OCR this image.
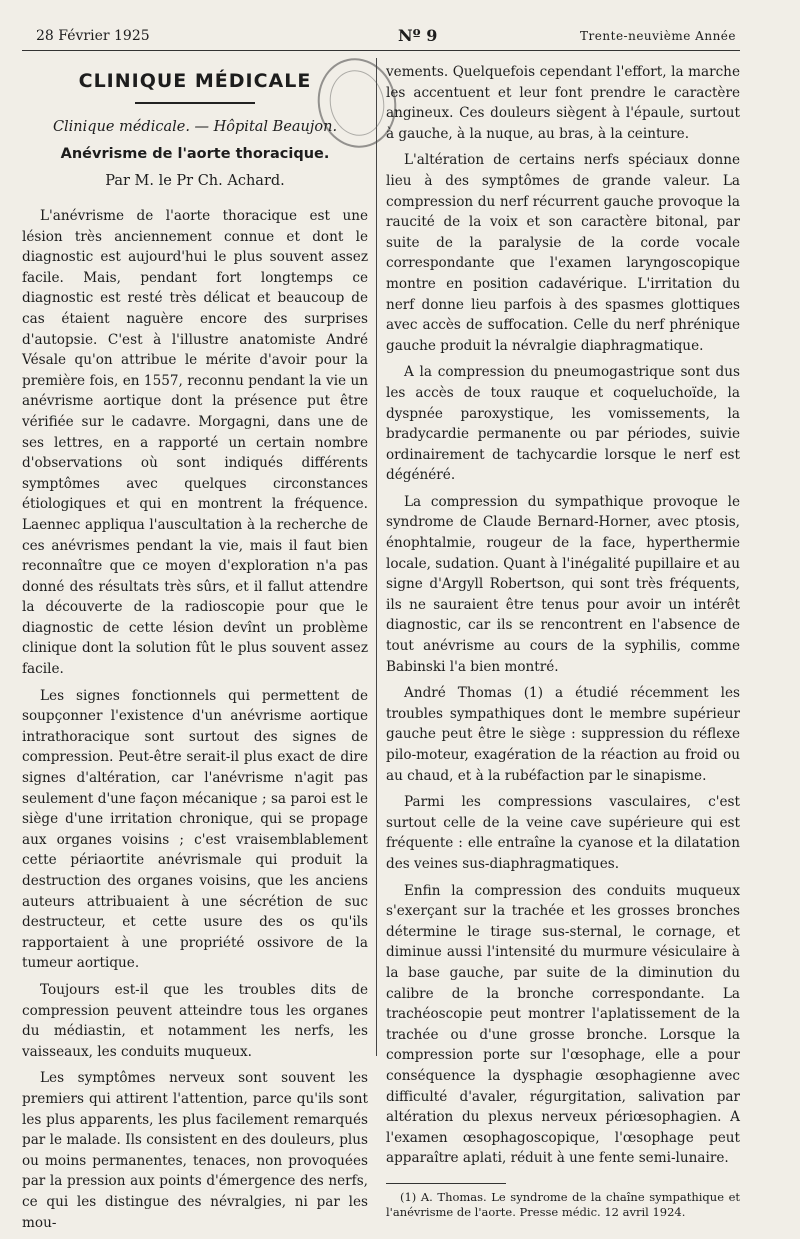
28 Février 1925	Nº 9	Trente-neuvième Année
CLINIQUE MÉDICALE

Clinique médicale. — Hôpital Beaujon.

Anévrisme de l'aorte thoracique.

Par M. le Pr Ch. Achard.

L'anévrisme de l'aorte thoracique est une lésion très anciennement connue et dont le diagnostic est aujourd'hui le plus souvent assez facile. Mais, pendant fort longtemps ce diagnostic est resté très délicat et beaucoup de cas étaient naguère encore des surprises d'autopsie. C'est à l'illustre anatomiste André Vésale qu'on attribue le mérite d'avoir pour la première fois, en 1557, reconnu pendant la vie un anévrisme aortique dont la présence put être vérifiée sur le cadavre. Morgagni, dans une de ses lettres, en a rapporté un certain nombre d'observations où sont indiqués différents symptômes avec quelques circonstances étiologiques et qui en montrent la fréquence. Laennec appliqua l'auscultation à la recherche de ces anévrismes pendant la vie, mais il faut bien reconnaître que ce moyen d'exploration n'a pas donné des résultats très sûrs, et il fallut attendre la découverte de la radioscopie pour que le diagnostic de cette lésion devînt un problème clinique dont la solution fût le plus souvent assez facile.

Les signes fonctionnels qui permettent de soupçonner l'existence d'un anévrisme aortique intrathoracique sont surtout des signes de compression. Peut-être serait-il plus exact de dire signes d'altération, car l'anévrisme n'agit pas seulement d'une façon mécanique ; sa paroi est le siège d'une irritation chronique, qui se propage aux organes voisins ; c'est vraisemblablement cette périaortite anévrismale qui produit la destruction des organes voisins, que les anciens auteurs attribuaient à une sécrétion de suc destructeur, et cette usure des os qu'ils rapportaient à une propriété ossivore de la tumeur aortique.

Toujours est-il que les troubles dits de compression peuvent atteindre tous les organes du médiastin, et notamment les nerfs, les vaisseaux, les conduits muqueux.

Les symptômes nerveux sont souvent les premiers qui attirent l'attention, parce qu'ils sont les plus apparents, les plus facilement remarqués par le malade. Ils consistent en des douleurs, plus ou moins permanentes, tenaces, non provoquées par la pression aux points d'émergence des nerfs, ce qui les distingue des névralgies, ni par les mou-

vements. Quelquefois cependant l'effort, la marche les accentuent et leur font prendre le caractère angineux. Ces douleurs siègent à l'épaule, surtout à gauche, à la nuque, au bras, à la ceinture.

L'altération de certains nerfs spéciaux donne lieu à des symptômes de grande valeur. La compression du nerf récurrent gauche provoque la raucité de la voix et son caractère bitonal, par suite de la paralysie de la corde vocale correspondante que l'examen laryngoscopique montre en position cadavérique. L'irritation du nerf donne lieu parfois à des spasmes glottiques avec accès de suffocation. Celle du nerf phrénique gauche produit la névralgie diaphragmatique.

A la compression du pneumogastrique sont dus les accès de toux rauque et coqueluchoïde, la dyspnée paroxystique, les vomissements, la bradycardie permanente ou par périodes, suivie ordinairement de tachycardie lorsque le nerf est dégénéré.

La compression du sympathique provoque le syndrome de Claude Bernard-Horner, avec ptosis, énophtalmie, rougeur de la face, hyperthermie locale, sudation. Quant à l'inégalité pupillaire et au signe d'Argyll Robertson, qui sont très fréquents, ils ne sauraient être tenus pour avoir un intérêt diagnostic, car ils se rencontrent en l'absence de tout anévrisme au cours de la syphilis, comme Babinski l'a bien montré.

André Thomas (1) a étudié récemment les troubles sympathiques dont le membre supérieur gauche peut être le siège : suppression du réflexe pilo-moteur, exagération de la réaction au froid ou au chaud, et à la rubéfaction par le sinapisme.

Parmi les compressions vasculaires, c'est surtout celle de la veine cave supérieure qui est fréquente : elle entraîne la cyanose et la dilatation des veines sus-diaphragmatiques.

Enfin la compression des conduits muqueux s'exerçant sur la trachée et les grosses bronches détermine le tirage sus-sternal, le cornage, et diminue aussi l'intensité du murmure vésiculaire à la base gauche, par suite de la diminution du calibre de la bronche correspondante. La trachéoscopie peut montrer l'aplatissement de la trachée ou d'une grosse bronche. Lorsque la compression porte sur l'œsophage, elle a pour conséquence la dysphagie œsophagienne avec difficulté d'avaler, régurgitation, salivation par altération du plexus nerveux périœsophagien. A l'examen œsophagoscopique, l'œsophage peut apparaître aplati, réduit à une fente semi-lunaire.

(1) A. Thomas. Le syndrome de la chaîne sympathique et l'anévrisme de l'aorte. Presse médic. 12 avril 1924.
